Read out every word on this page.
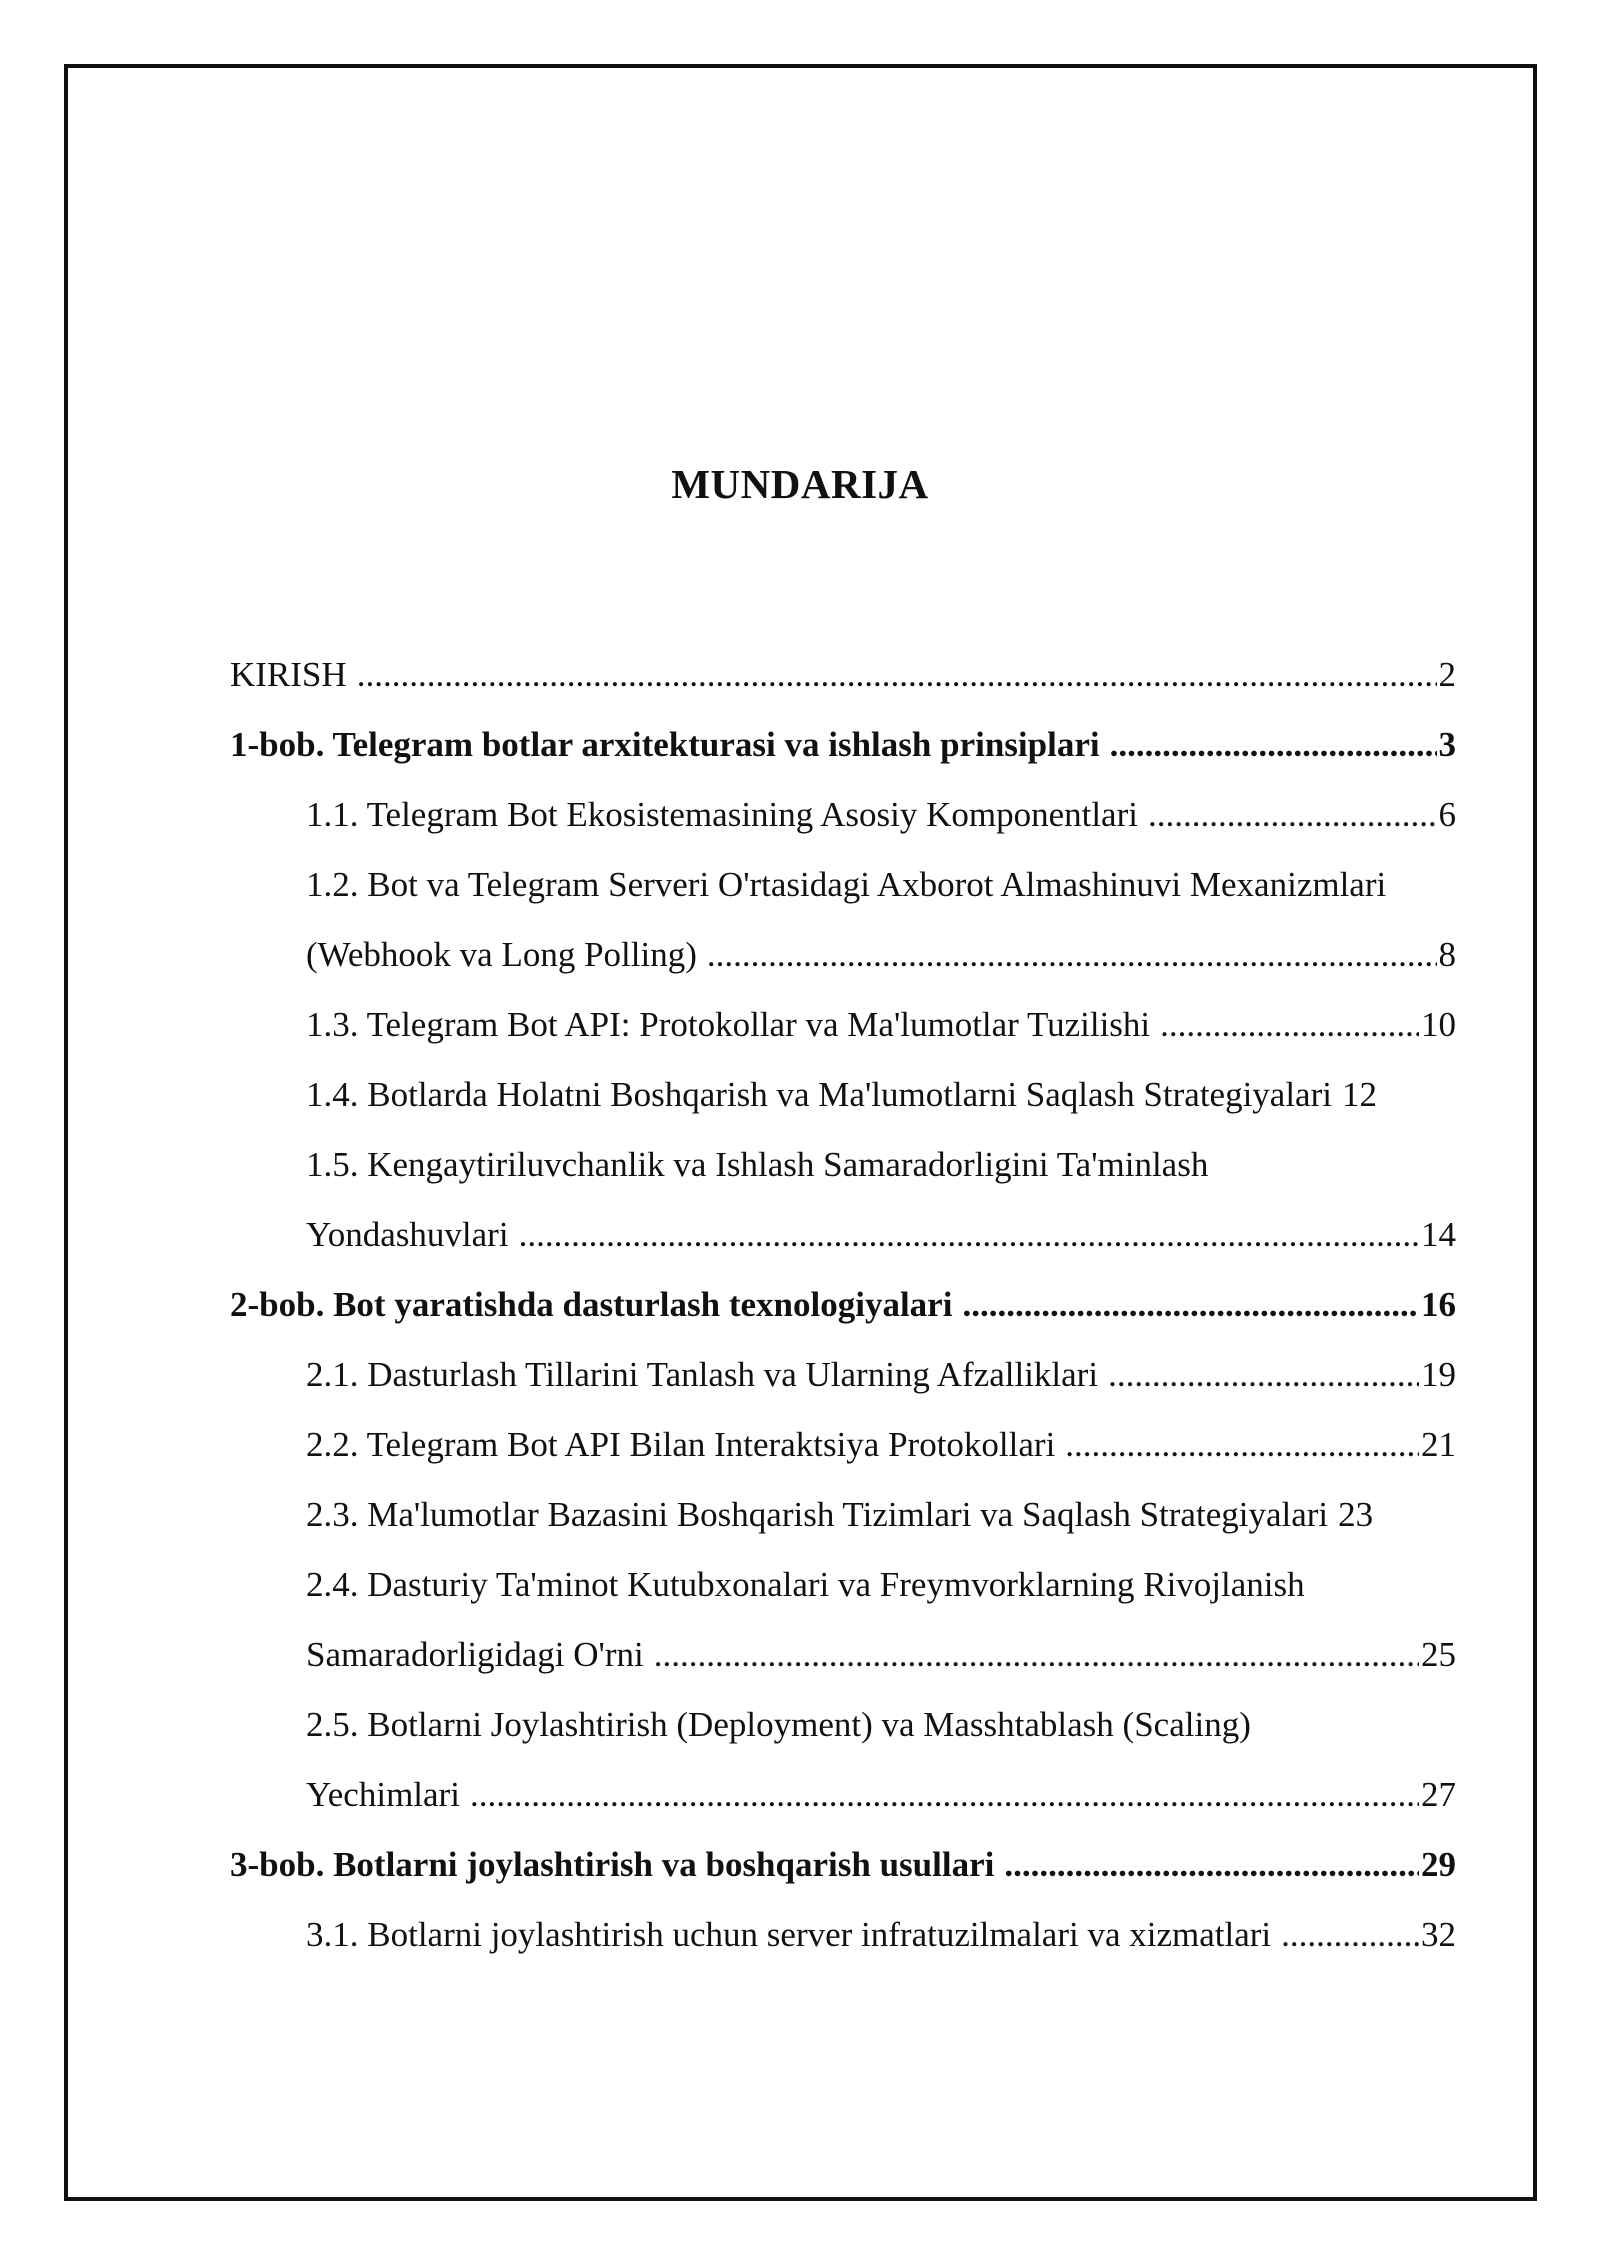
MUNDARIJA
KIRISH .....	2
1-bob. Telegram botlar arxitekturasi va ishlash prinsiplari .....	3
1.1. Telegram Bot Ekosistemasining Asosiy Komponentlari .....	6
1.2. Bot va Telegram Serveri O'rtasidagi Axborot Almashinuvi Mexanizmlari
(Webhook va Long Polling) .....	8
1.3. Telegram Bot API: Protokollar va Ma'lumotlar Tuzilishi .....	10
1.4. Botlarda Holatni Boshqarish va Ma'lumotlarni Saqlash Strategiyalari 12
1.5. Kengaytiriluvchanlik va Ishlash Samaradorligini Ta'minlash
Yondashuvlari .....	14
2-bob. Bot yaratishda dasturlash texnologiyalari .....	16
2.1. Dasturlash Tillarini Tanlash va Ularning Afzalliklari .....	19
2.2. Telegram Bot API Bilan Interaktsiya Protokollari .....	21
2.3. Ma'lumotlar Bazasini Boshqarish Tizimlari va Saqlash Strategiyalari 23
2.4. Dasturiy Ta'minot Kutubxonalari va Freymvorklarning Rivojlanish
Samaradorligidagi O'rni .....	25
2.5. Botlarni Joylashtirish (Deployment) va Masshtablash (Scaling)
Yechimlari .....	27
3-bob. Botlarni joylashtirish va boshqarish usullari .....	29
3.1. Botlarni joylashtirish uchun server infratuzilmalari va xizmatlari .....	32
